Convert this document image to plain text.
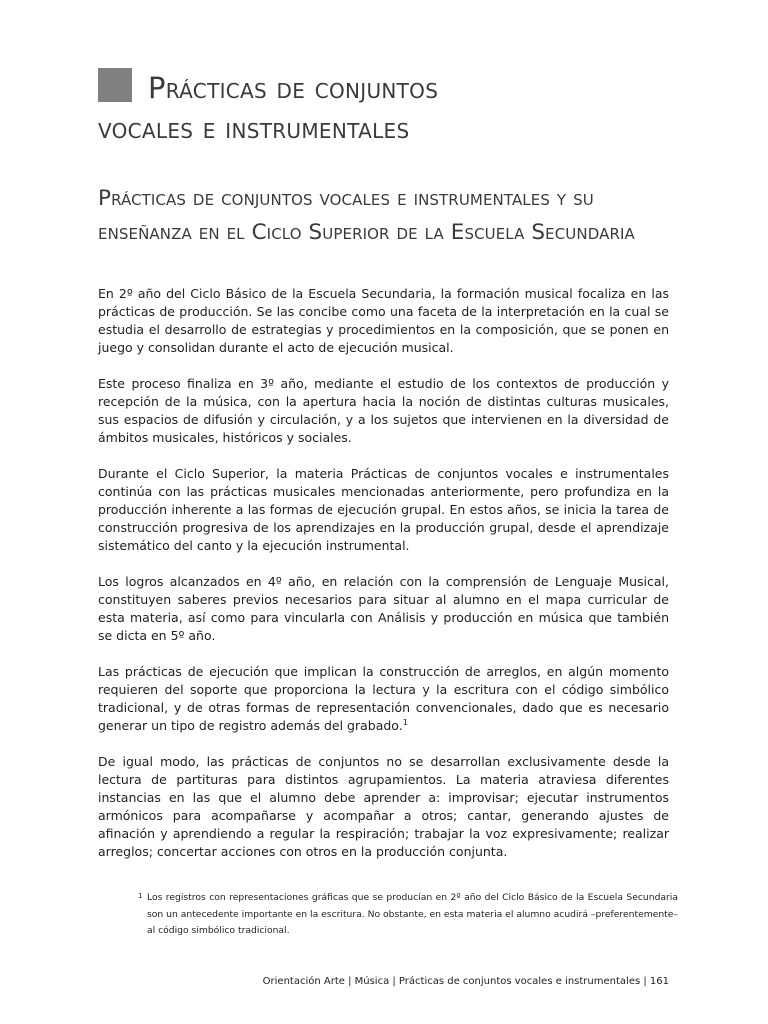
Prácticas de conjuntos
vocales e instrumentales
Prácticas de conjuntos vocales e instrumentales y su enseñanza en el Ciclo Superior de la Escuela Secundaria

En 2º año del Ciclo Básico de la Escuela Secundaria, la formación musical focaliza en las prácticas de producción. Se las concibe como una faceta de la interpretación en la cual se estudia el desarrollo de estrategias y procedimientos en la composición, que se ponen en juego y consolidan durante el acto de ejecución musical.

Este proceso finaliza en 3º año, mediante el estudio de los contextos de producción y recepción de la música, con la apertura hacia la noción de distintas culturas musicales, sus espacios de difusión y circulación, y a los sujetos que intervienen en la diversidad de ámbitos musicales, históricos y sociales.

Durante el Ciclo Superior, la materia Prácticas de conjuntos vocales e instrumentales continúa con las prácticas musicales mencionadas anteriormente, pero profundiza en la producción inherente a las formas de ejecución grupal. En estos años, se inicia la tarea de construcción progresiva de los aprendizajes en la producción grupal, desde el aprendizaje sistemático del canto y la ejecución instrumental.

Los logros alcanzados en 4º año, en relación con la comprensión de Lenguaje Musical, constituyen saberes previos necesarios para situar al alumno en el mapa curricular de esta materia, así como para vincularla con Análisis y producción en música que también se dicta en 5º año.

Las prácticas de ejecución que implican la construcción de arreglos, en algún momento requieren del soporte que proporciona la lectura y la escritura con el código simbólico tradicional, y de otras formas de representación convencionales, dado que es necesario generar un tipo de registro además del grabado.$^1$

De igual modo, las prácticas de conjuntos no se desarrollan exclusivamente desde la lectura de partituras para distintos agrupamientos. La materia atraviesa diferentes instancias en las que el alumno debe aprender a: improvisar; ejecutar instrumentos armónicos para acompañarse y acompañar a otros; cantar, generando ajustes de afinación y aprendiendo a regular la respiración; trabajar la voz expresivamente; realizar arreglos; concertar acciones con otros en la producción conjunta.

1 Los registros con representaciones gráficas que se producían en 2º año del Ciclo Básico de la Escuela Secundaria son un antecedente importante en la escritura. No obstante, en esta materia el alumno acudirá –preferentemente– al código simbólico tradicional.
Orientación Arte | Música | Prácticas de conjuntos vocales e instrumentales | 161
